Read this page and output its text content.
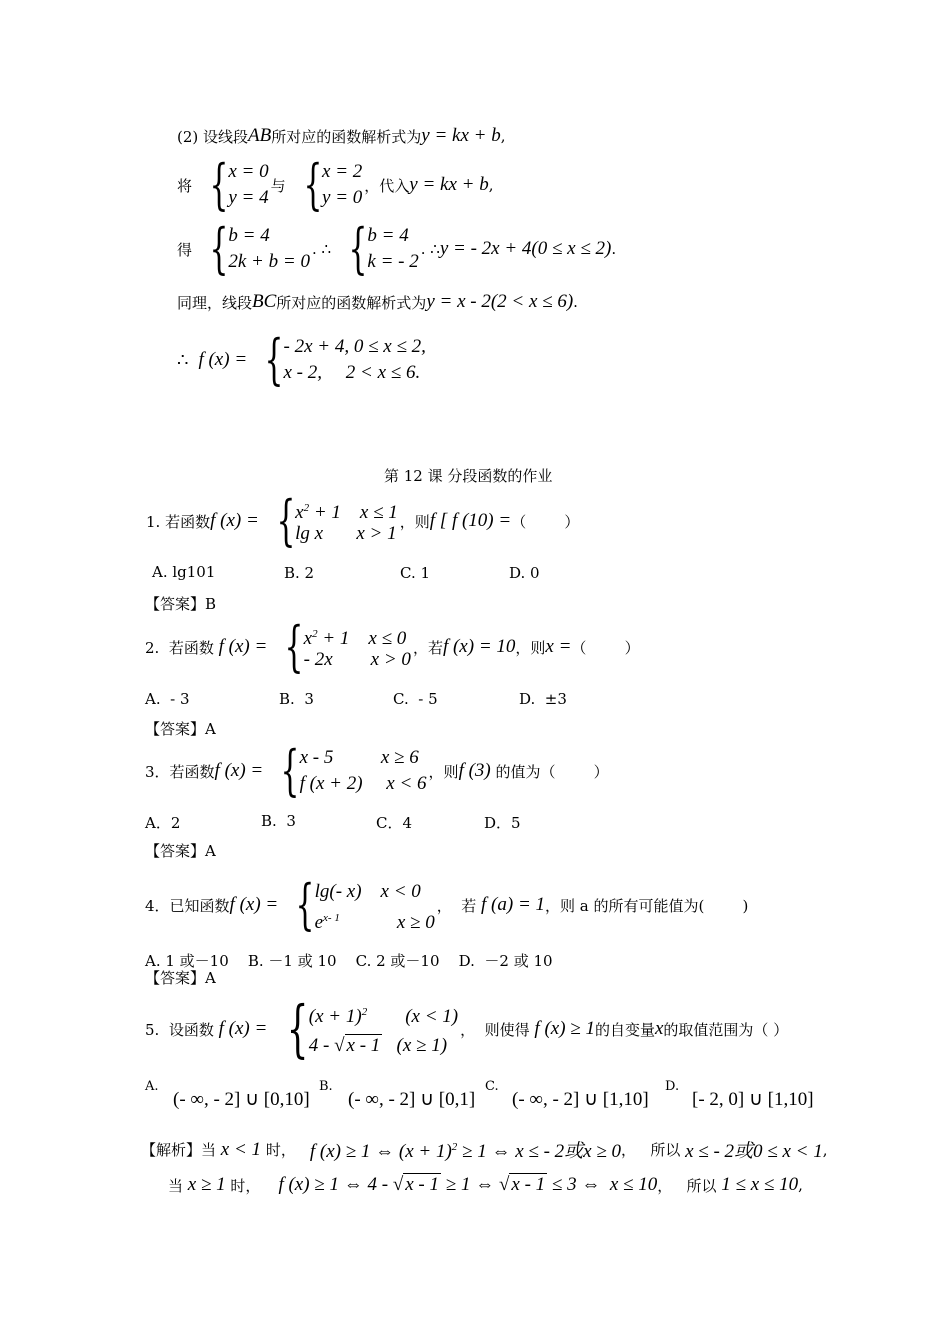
(2) 设线段 AB 所对应的函数解析式为 y = kx + b ,
将 { x = 0
y = 4
与 { x = 2
y = 0
，代入 y = kx + b ,
得 { b = 4
2k + b = 0
. ∴ { b = 4
k = - 2
. ∴ y = - 2x + 4(0 ≤ x ≤ 2) .
同理，线段 BC 所对应的函数解析式为 y = x - 2(2 < x ≤ 6) .
∴ f (x) = { - 2x + 4, 0 ≤ x ≤ 2,
x - 2,     2 < x ≤ 6.
第 12 课 分段函数的作业
1. 若函数 f (x) = { $x^2 + 1$    x ≤ 1
lg x       x > 1
，则 f [ f (10) = （        ）
A. lg101	B. 2	C. 1	D. 0
【答案】B
2.  若函数 f (x) = { $x^2 + 1$    x ≤ 0
- 2x        x > 0
，若 f (x) = 10 ，则 x = （        ）
A.  - 3	B.  3	C.  - 5	D.  ±3
【答案】A
3．若函数 f (x) = { x - 5          x ≥ 6
f (x + 2)     x < 6
，则 f (3) 的值为（        ）
A．2	B.  3	C．4	D．5
【答案】A
4．已知函数 f (x) = { lg(- x)    x < 0
$e^{x- 1}$            x ≥ 0
，  若 f (a) = 1 ，则 a 的所有可能值为(        )
A. 1 或－10    B. －1 或 10    C. 2 或－10    D.  －2 或 10
【答案】A
5.  设函数 f (x) = { $(x + 1)^2$        (x < 1)
4 - √ x - 1   (x ≥ 1)
，  则使得 f (x) ≥ 1 的自变量 x 的取值范围为（ ）
A.
(- ∞, - 2] ∪ [0,10]
B.
(- ∞, - 2] ∪ [0,1]
C.
(- ∞, - 2] ∪ [1,10]
D.
[- 2, 0] ∪ [1,10]
【解析】 当 x < 1 时， f (x) ≥ 1 ⇔ $(x + 1)^2 \ge 1$ ⇔ x ≤ - 2或x ≥ 0 ，   所以 x ≤ - 2或0 ≤ x < 1 ,
当 x ≥ 1 时， f (x) ≥ 1 ⇔ 4 - √ x - 1 ≥ 1 ⇔ √ x - 1 ≤ 3 ⇔  x ≤ 10 ，   所以 1 ≤ x ≤ 10 ,
